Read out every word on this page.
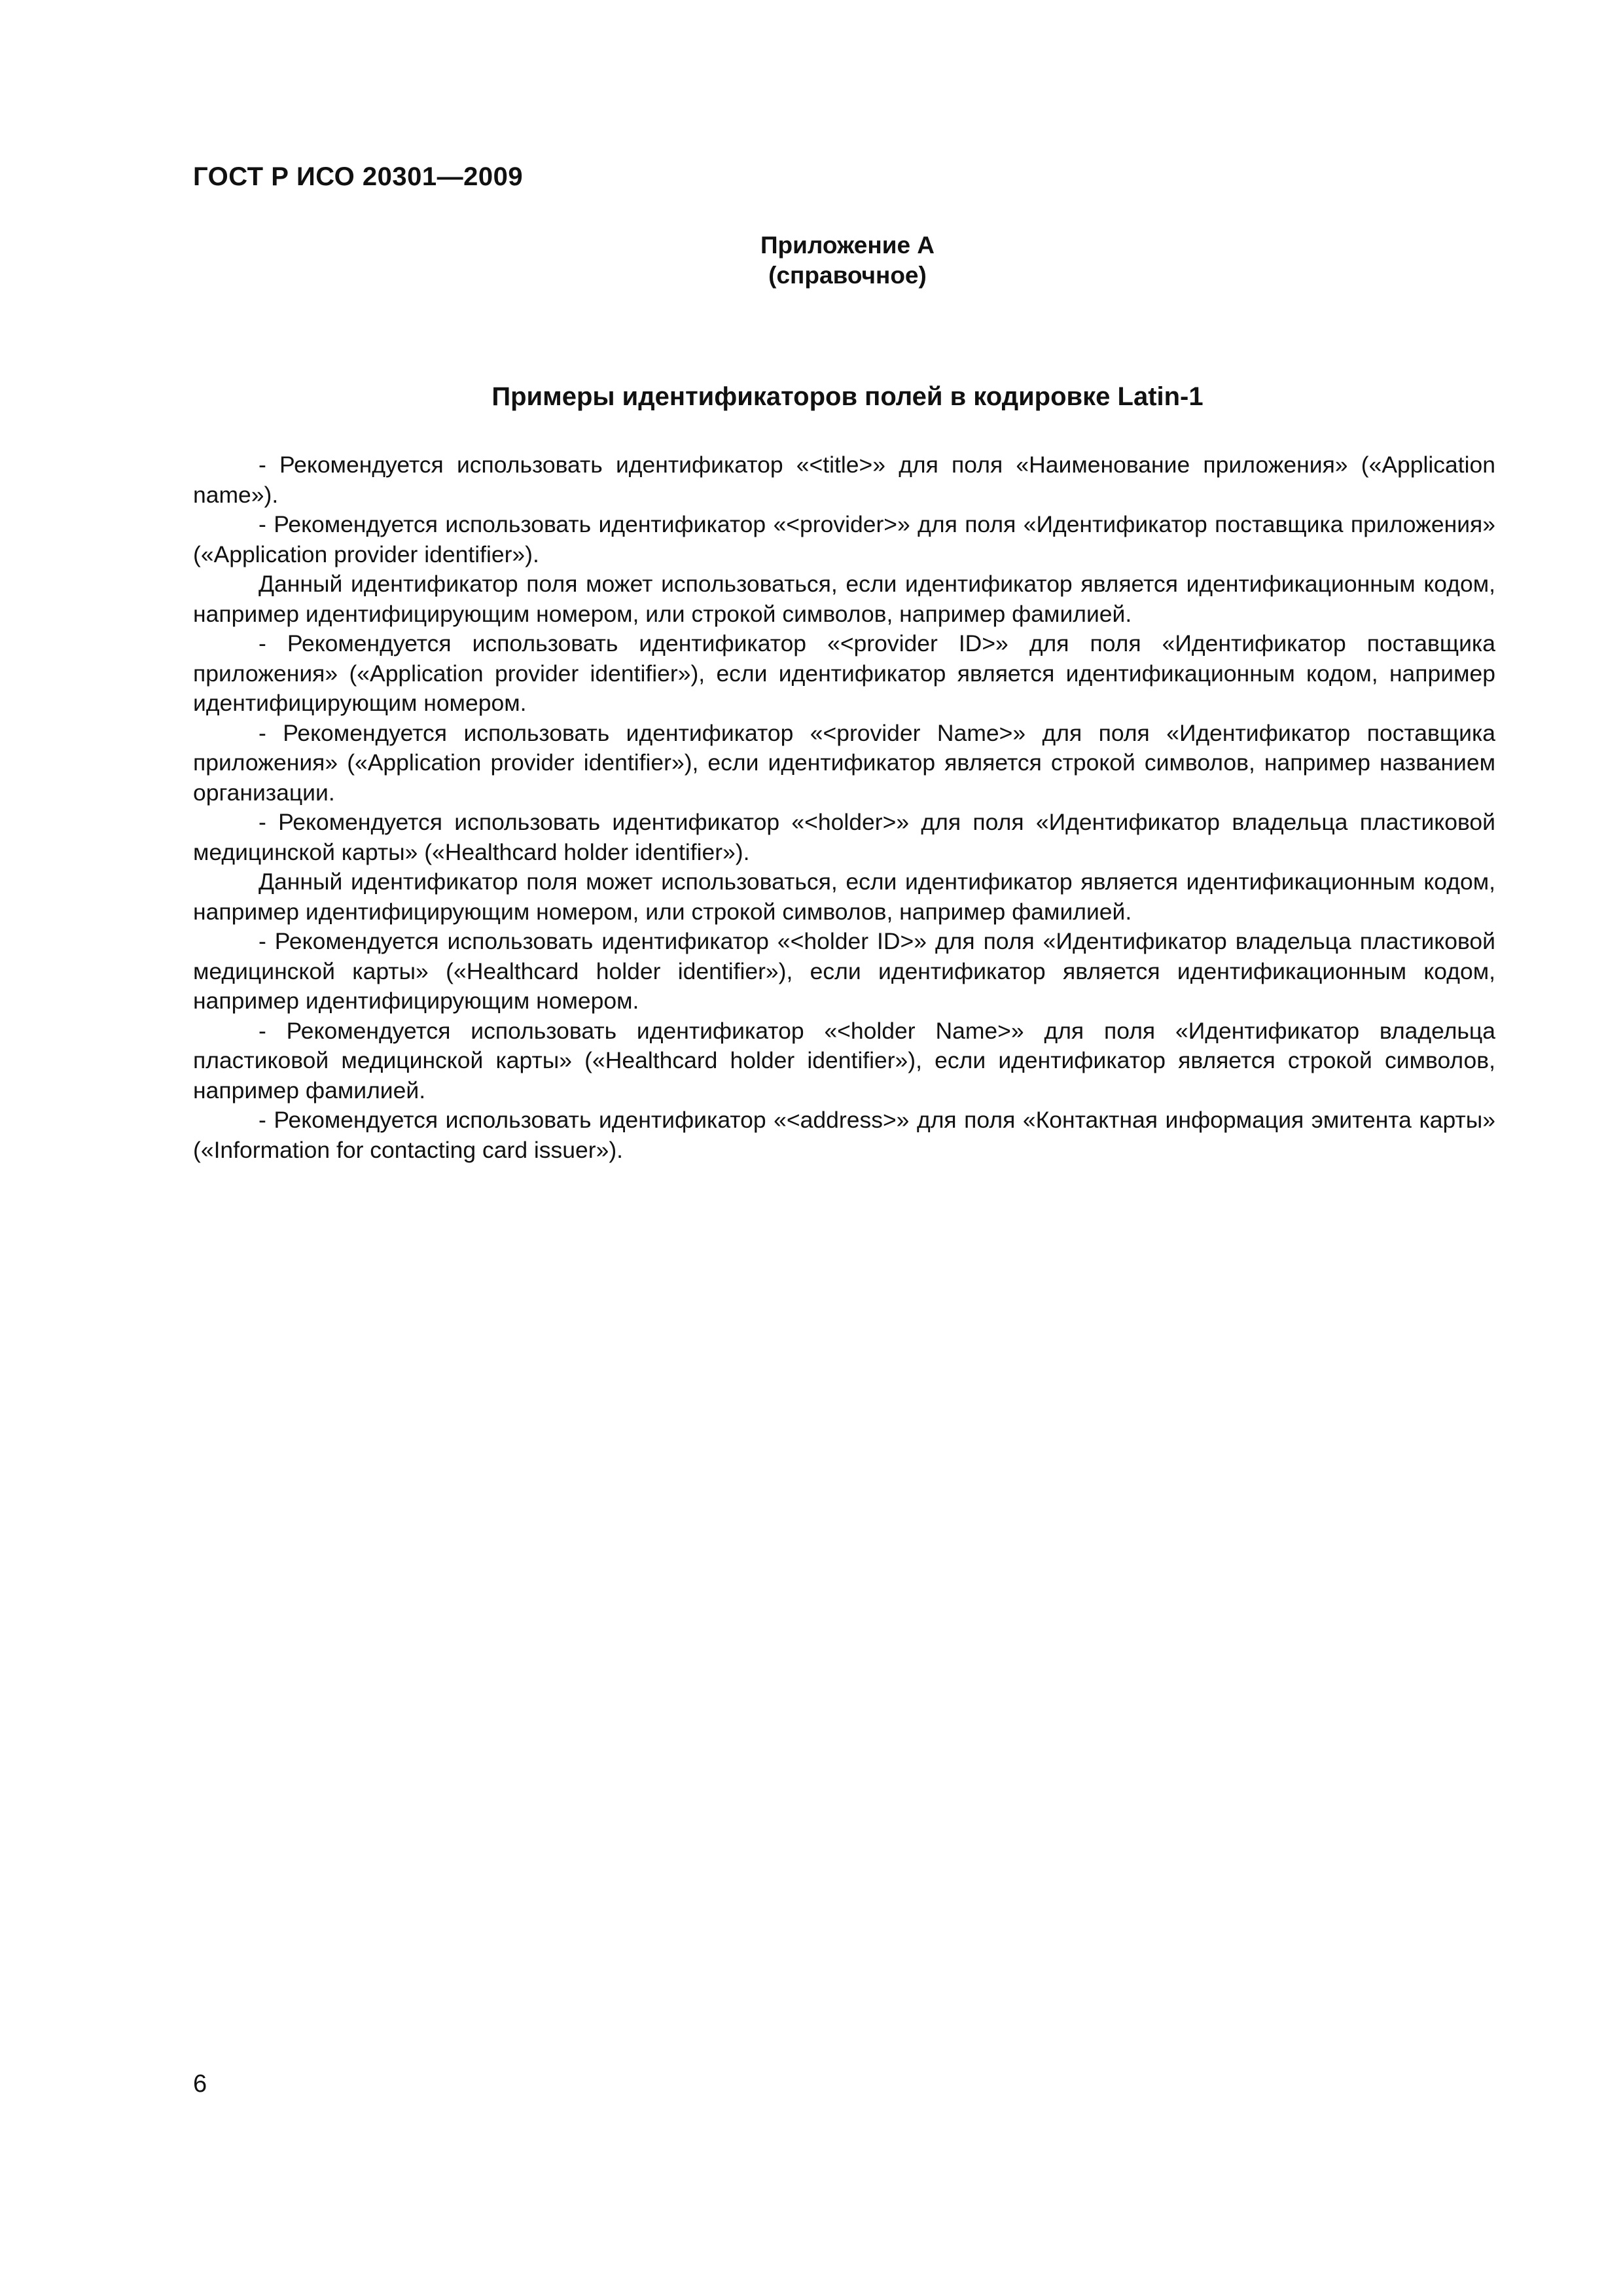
ГОСТ Р ИСО 20301—2009
Приложение А
(справочное)
Примеры идентификаторов полей в кодировке Latin-1

- Рекомендуется использовать идентификатор «<title>» для поля «Наименование приложения» («Application name»).

- Рекомендуется использовать идентификатор «<provider>» для поля «Идентификатор поставщика приложения» («Application provider identifier»).

Данный идентификатор поля может использоваться, если идентификатор является идентификационным кодом, например идентифицирующим номером, или строкой символов, например фамилией.

- Рекомендуется использовать идентификатор «<provider ID>» для поля «Идентификатор поставщика приложения» («Application provider identifier»), если идентификатор является идентификационным кодом, например идентифицирующим номером.

- Рекомендуется использовать идентификатор «<provider Name>» для поля «Идентификатор поставщика приложения» («Application provider identifier»), если идентификатор является строкой символов, например названием организации.

- Рекомендуется использовать идентификатор «<holder>» для поля «Идентификатор владельца пластиковой медицинской карты» («Healthcard holder identifier»).

Данный идентификатор поля может использоваться, если идентификатор является идентификационным кодом, например идентифицирующим номером, или строкой символов, например фамилией.

- Рекомендуется использовать идентификатор «<holder ID>» для поля «Идентификатор владельца пластиковой медицинской карты» («Healthcard holder identifier»), если идентификатор является идентификационным кодом, например идентифицирующим номером.

- Рекомендуется использовать идентификатор «<holder Name>» для поля «Идентификатор владельца пластиковой медицинской карты» («Healthcard holder identifier»), если идентификатор является строкой символов, например фамилией.

- Рекомендуется использовать идентификатор «<address>» для поля «Контактная информация эмитента карты» («Information for contacting card issuer»).

6
